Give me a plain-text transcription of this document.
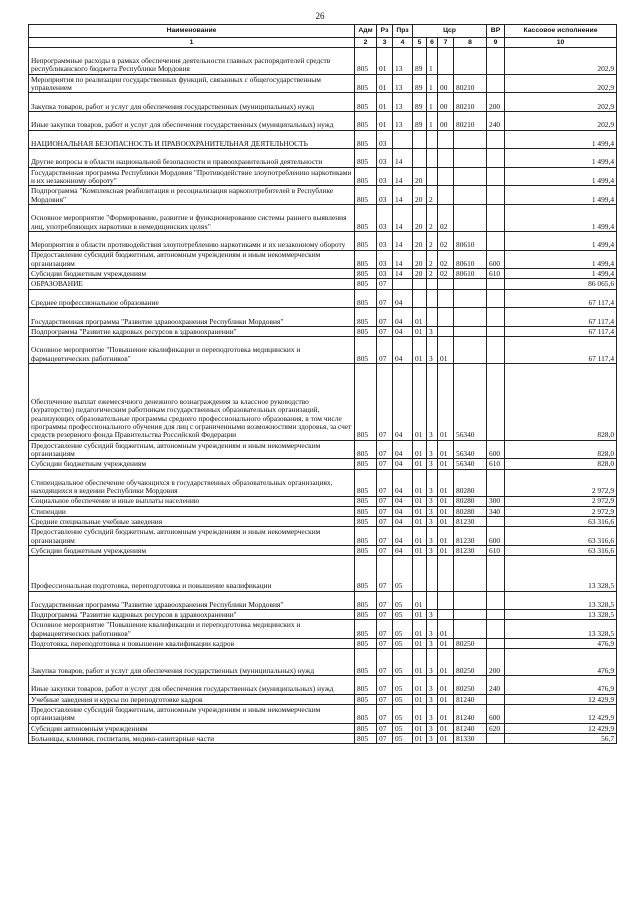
26
Наименование	Адм	Рз	Прз	Цср				ВР	Кассовое исполнение
1	2	3	4	5	6	7	8	9	10
Непрограммные расходы в рамках обеспечения деятельности главных распорядителей средств республиканского бюджета Республики Мордовия	805	01	13	89	1				202,9
Мероприятия по реализации государственных функций, связанных с общегосударственным управлением	805	01	13	89	1	00	80210		202,9
Закупка товаров, работ и услуг для обеспечения государственных (муниципальных) нужд	805	01	13	89	1	00	80210	200	202,9
Иные закупки товаров, работ и услуг для обеспечения государственных (муниципальных) нужд	805	01	13	89	1	00	80210	240	202,9
НАЦИОНАЛЬНАЯ БЕЗОПАСНОСТЬ И ПРАВООХРАНИТЕЛЬНАЯ ДЕЯТЕЛЬНОСТЬ	805	03							1 499,4
Другие вопросы в области национальной безопасности и правоохранительной деятельности	805	03	14						1 499,4
Государственная программа Республики Мордовия "Противодействие злоупотреблению наркотиками и их незаконному обороту"	805	03	14	20					1 499,4
Подпрограмма "Комплексная реабилитация и ресоциализация наркопотребителей в Республике Мордовия"	805	03	14	20	2				1 499,4
Основное мероприятие "Формирование, развитие и функционирование системы раннего выявления лиц, употребляющих наркотики в немедицинских целях"	805	03	14	20	2	02			1 499,4
Мероприятия в области противодействия злоупотреблению наркотиками и их незаконному обороту	805	03	14	20	2	02	80610		1 499,4
Предоставление субсидий бюджетным, автономным учреждениям и иным некоммерческим организациям	805	03	14	20	2	02	80610	600	1 499,4
Субсидии бюджетным учреждениям	805	03	14	20	2	02	80610	610	1 499,4
ОБРАЗОВАНИЕ	805	07							86 065,6
Среднее профессиональное образование	805	07	04						67 117,4
Государственная программа "Развитие здравоохранения Республики Мордовия"	805	07	04	01					67 117,4
Подпрограмма "Развитие кадровых ресурсов в здравоохранении"	805	07	04	01	3				67 117,4
Основное мероприятие "Повышение квалификации и переподготовка медицинских и фармацевтических работников"	805	07	04	01	3	01			67 117,4
Обеспечение выплат ежемесячного денежного вознаграждения за классное руководство (кураторство) педагогическим работникам государственных образовательных организаций, реализующих образовательные программы среднего профессионального образования, в том числе программы профессионального обучения для лиц с ограниченными возможностями здоровья, за счет средств резервного фонда Правительства Российской Федерации	805	07	04	01	3	01	56340		828,0
Предоставление субсидий бюджетным, автономным учреждениям и иным некоммерческим организациям	805	07	04	01	3	01	56340	600	828,0
Субсидии бюджетным учреждениям	805	07	04	01	3	01	56340	610	828,0
Стипендиальное обеспечение обучающихся в государственных образовательных организациях, находящихся в ведении Республики Мордовия	805	07	04	01	3	01	80280		2 972,9
Социальное обеспечение и иные выплаты населению	805	07	04	01	3	01	80280	300	2 972,9
Стипендии	805	07	04	01	3	01	80280	340	2 972,9
Средние специальные учебные заведения	805	07	04	01	3	01	81230		63 316,6
Предоставление субсидий бюджетным, автономным учреждениям и иным некоммерческим организациям	805	07	04	01	3	01	81230	600	63 316,6
Субсидии бюджетным учреждениям	805	07	04	01	3	01	81230	610	63 316,6
Профессиональная подготовка, переподготовка и повышение квалификации	805	07	05						13 328,5
Государственная программа "Развитие здравоохранения Республики Мордовия"	805	07	05	01					13 328,5
Подпрограмма "Развитие кадровых ресурсов в здравоохранении"	805	07	05	01	3				13 328,5
Основное мероприятие "Повышение квалификации и переподготовка медицинских и фармацевтических работников"	805	07	05	01	3	01			13 328,5
Подготовка, переподготовка и повышение квалификации кадров	805	07	05	01	3	01	80250		476,9
Закупка товаров, работ и услуг для обеспечения государственных (муниципальных) нужд	805	07	05	01	3	01	80250	200	476,9
Иные закупки товаров, работ и услуг для обеспечения государственных (муниципальных) нужд	805	07	05	01	3	01	80250	240	476,9
Учебные заведения и курсы по переподготовке кадров	805	07	05	01	3	01	81240		12 429,9
Предоставление субсидий бюджетным, автономным учреждениям и иным некоммерческим организациям	805	07	05	01	3	01	81240	600	12 429,9
Субсидии автономным учреждениям	805	07	05	01	3	01	81240	620	12 429,9
Больницы, клиники, госпитали, медико-санитарные части	805	07	05	01	3	01	81330		56,7
